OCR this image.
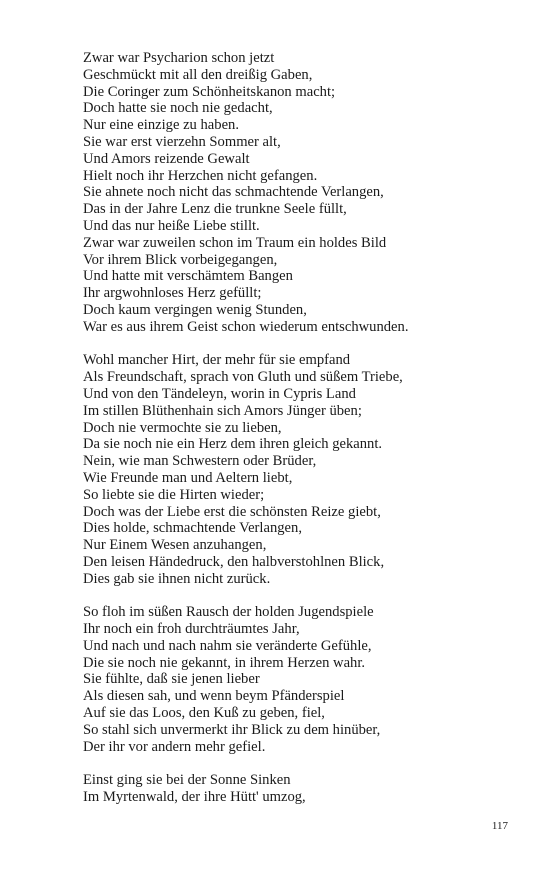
Zwar war Psycharion schon jetzt
Geschmückt mit all den dreißig Gaben,
Die Coringer zum Schönheitskanon macht;
Doch hatte sie noch nie gedacht,
Nur eine einzige zu haben.
Sie war erst vierzehn Sommer alt,
Und Amors reizende Gewalt
Hielt noch ihr Herzchen nicht gefangen.
Sie ahnete noch nicht das schmachtende Verlangen,
Das in der Jahre Lenz die trunkne Seele füllt,
Und das nur heiße Liebe stillt.
Zwar war zuweilen schon im Traum ein holdes Bild
Vor ihrem Blick vorbeigegangen,
Und hatte mit verschämtem Bangen
Ihr argwohnloses Herz gefüllt;
Doch kaum vergingen wenig Stunden,
War es aus ihrem Geist schon wiederum entschwunden.
Wohl mancher Hirt, der mehr für sie empfand
Als Freundschaft, sprach von Gluth und süßem Triebe,
Und von den Tändeleyn, worin in Cypris Land
Im stillen Blüthenhain sich Amors Jünger üben;
Doch nie vermochte sie zu lieben,
Da sie noch nie ein Herz dem ihren gleich gekannt.
Nein, wie man Schwestern oder Brüder,
Wie Freunde man und Aeltern liebt,
So liebte sie die Hirten wieder;
Doch was der Liebe erst die schönsten Reize giebt,
Dies holde, schmachtende Verlangen,
Nur Einem Wesen anzuhangen,
Den leisen Händedruck, den halbverstohlnen Blick,
Dies gab sie ihnen nicht zurück.
So floh im süßen Rausch der holden Jugendspiele
Ihr noch ein froh durchträumtes Jahr,
Und nach und nach nahm sie veränderte Gefühle,
Die sie noch nie gekannt, in ihrem Herzen wahr.
Sie fühlte, daß sie jenen lieber
Als diesen sah, und wenn beym Pfänderspiel
Auf sie das Loos, den Kuß zu geben, fiel,
So stahl sich unvermerkt ihr Blick zu dem hinüber,
Der ihr vor andern mehr gefiel.
Einst ging sie bei der Sonne Sinken
Im Myrtenwald, der ihre Hütt' umzog,
117
